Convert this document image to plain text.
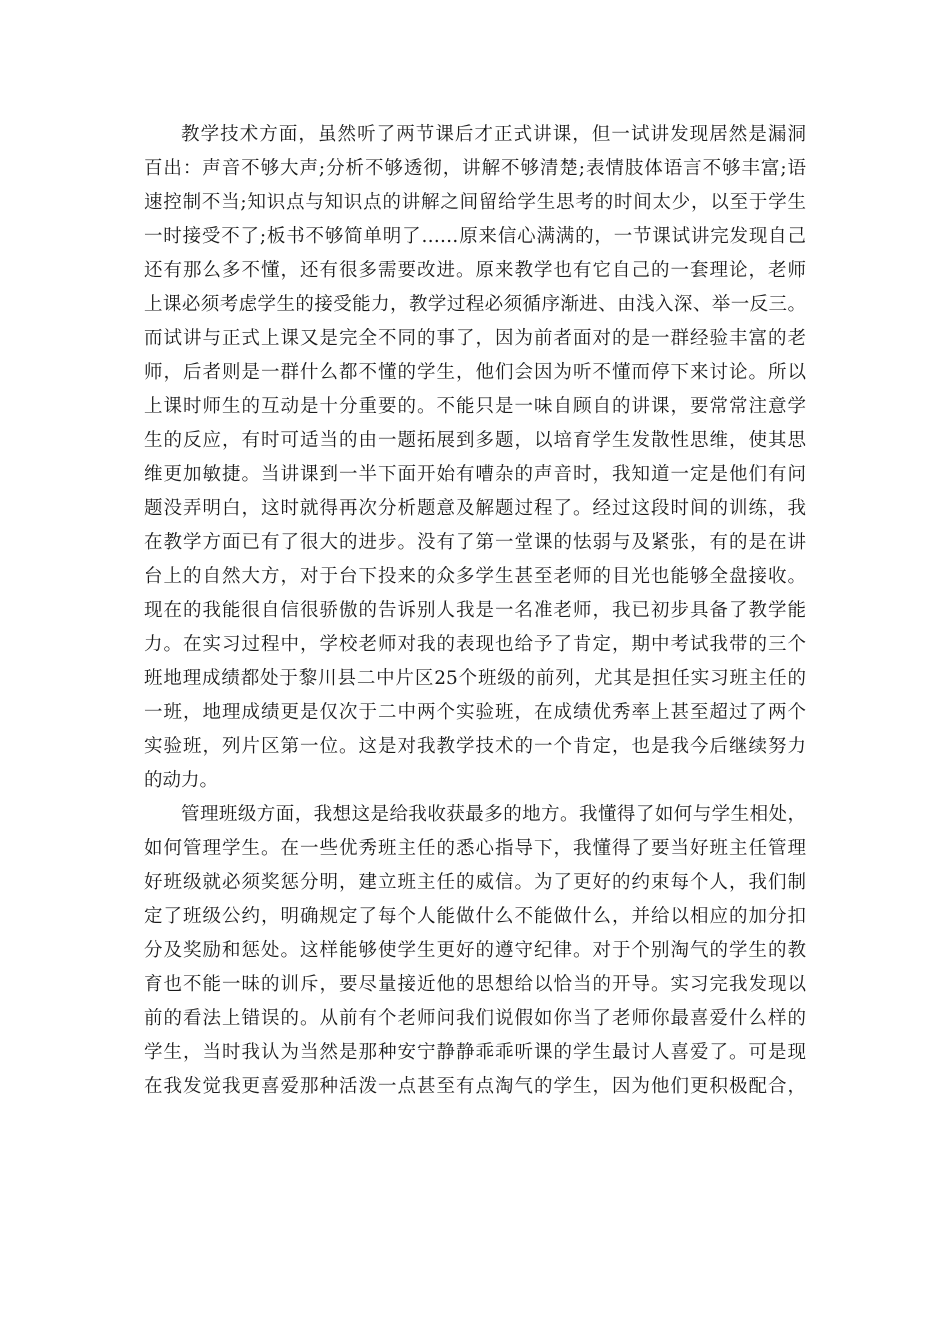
教学技术方面，虽然听了两节课后才正式讲课，但一试讲发现居然是漏洞
百出：声音不够大声;分析不够透彻，讲解不够清楚;表情肢体语言不够丰富;语
速控制不当;知识点与知识点的讲解之间留给学生思考的时间太少，以至于学生
一时接受不了;板书不够简单明了……原来信心满满的，一节课试讲完发现自己
还有那么多不懂，还有很多需要改进。原来教学也有它自己的一套理论，老师
上课必须考虑学生的接受能力，教学过程必须循序渐进、由浅入深、举一反三。
而试讲与正式上课又是完全不同的事了，因为前者面对的是一群经验丰富的老
师，后者则是一群什么都不懂的学生，他们会因为听不懂而停下来讨论。所以
上课时师生的互动是十分重要的。不能只是一味自顾自的讲课，要常常注意学
生的反应，有时可适当的由一题拓展到多题，以培育学生发散性思维，使其思
维更加敏捷。当讲课到一半下面开始有嘈杂的声音时，我知道一定是他们有问
题没弄明白，这时就得再次分析题意及解题过程了。经过这段时间的训练，我
在教学方面已有了很大的进步。没有了第一堂课的怯弱与及紧张，有的是在讲
台上的自然大方，对于台下投来的众多学生甚至老师的目光也能够全盘接收。
现在的我能很自信很骄傲的告诉别人我是一名准老师，我已初步具备了教学能
力。在实习过程中，学校老师对我的表现也给予了肯定，期中考试我带的三个
班地理成绩都处于黎川县二中片区25个班级的前列，尤其是担任实习班主任的
一班，地理成绩更是仅次于二中两个实验班，在成绩优秀率上甚至超过了两个
实验班，列片区第一位。这是对我教学技术的一个肯定，也是我今后继续努力
的动力。
管理班级方面，我想这是给我收获最多的地方。我懂得了如何与学生相处，
如何管理学生。在一些优秀班主任的悉心指导下，我懂得了要当好班主任管理
好班级就必须奖惩分明，建立班主任的威信。为了更好的约束每个人，我们制
定了班级公约，明确规定了每个人能做什么不能做什么，并给以相应的加分扣
分及奖励和惩处。这样能够使学生更好的遵守纪律。对于个别淘气的学生的教
育也不能一昧的训斥，要尽量接近他的思想给以恰当的开导。实习完我发现以
前的看法上错误的。从前有个老师问我们说假如你当了老师你最喜爱什么样的
学生，当时我认为当然是那种安宁静静乖乖听课的学生最讨人喜爱了。可是现
在我发觉我更喜爱那种活泼一点甚至有点淘气的学生，因为他们更积极配合，
